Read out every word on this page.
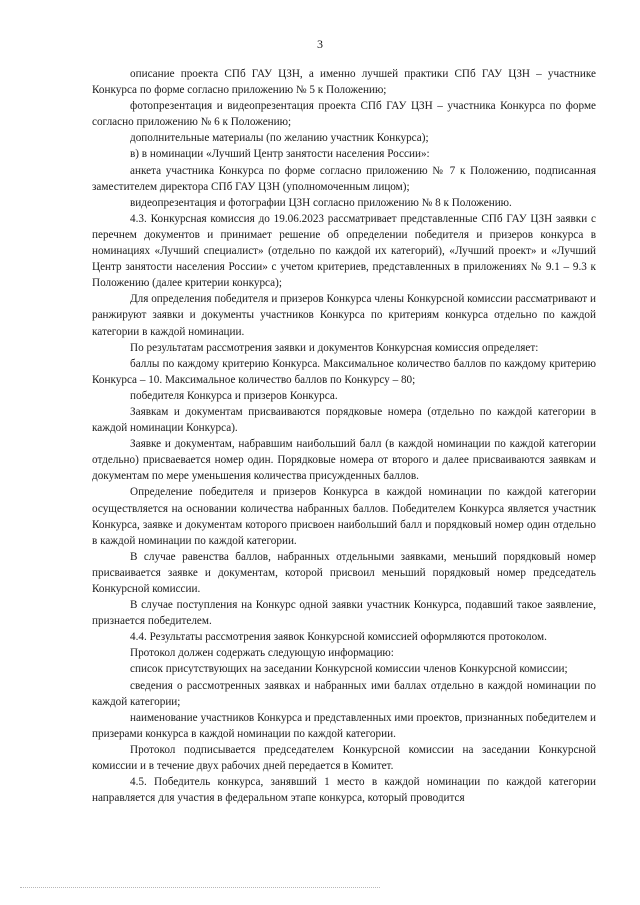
3

описание проекта СПб ГАУ ЦЗН, а именно лучшей практики СПб ГАУ ЦЗН – участнике Конкурса по форме согласно приложению № 5 к Положению;

фотопрезентация и видеопрезентация проекта СПб ГАУ ЦЗН – участника Конкурса по форме согласно приложению № 6 к Положению;

дополнительные материалы (по желанию участник Конкурса);

в) в номинации «Лучший Центр занятости населения России»:

анкета участника Конкурса по форме согласно приложению № 7 к Положению, подписанная заместителем директора СПб ГАУ ЦЗН (уполномоченным лицом);

видеопрезентация и фотографии ЦЗН согласно приложению № 8 к Положению.

4.3. Конкурсная комиссия до 19.06.2023 рассматривает представленные СПб ГАУ ЦЗН заявки с перечнем документов и принимает решение об определении победителя и призеров конкурса в номинациях «Лучший специалист» (отдельно по каждой их категорий), «Лучший проект» и «Лучший Центр занятости населения России» с учетом критериев, представленных в приложениях № 9.1 – 9.3 к Положению (далее критерии конкурса);

Для определения победителя и призеров Конкурса члены Конкурсной комиссии рассматривают и ранжируют заявки и документы участников Конкурса по критериям конкурса отдельно по каждой категории в каждой номинации.

По результатам рассмотрения заявки и документов Конкурсная комиссия определяет:

баллы по каждому критерию Конкурса. Максимальное количество баллов по каждому критерию Конкурса – 10. Максимальное количество баллов по Конкурсу – 80;

победителя Конкурса и призеров Конкурса.

Заявкам и документам присваиваются порядковые номера (отдельно по каждой категории в каждой номинации Конкурса).

Заявке и документам, набравшим наибольший балл (в каждой номинации по каждой категории отдельно) присваевается номер один. Порядковые номера от второго и далее присваиваются заявкам и документам по мере уменьшения количества присужденных баллов.

Определение победителя и призеров Конкурса в каждой номинации по каждой категории осуществляется на основании количества набранных баллов. Победителем Конкурса является участник Конкурса, заявке и документам которого присвоен наибольший балл и порядковый номер один отдельно в каждой номинации по каждой категории.

В случае равенства баллов, набранных отдельными заявками, меньший порядковый номер присваивается заявке и документам, которой присвоил меньший порядковый номер председатель Конкурсной комиссии.

В случае поступления на Конкурс одной заявки участник Конкурса, подавший такое заявление, признается победителем.

4.4. Результаты рассмотрения заявок Конкурсной комиссией оформляются протоколом.

Протокол должен содержать следующую информацию:

список присутствующих на заседании Конкурсной комиссии членов Конкурсной комиссии;

сведения о рассмотренных заявках и набранных ими баллах отдельно в каждой номинации по каждой категории;

наименование участников Конкурса и представленных ими проектов, признанных победителем и призерами конкурса в каждой номинации по каждой категории.

Протокол подписывается председателем Конкурсной комиссии на заседании Конкурсной комиссии и в течение двух рабочих дней передается в Комитет.

4.5. Победитель конкурса, занявший 1 место в каждой номинации по каждой категории направляется для участия в федеральном этапе конкурса, который проводится
